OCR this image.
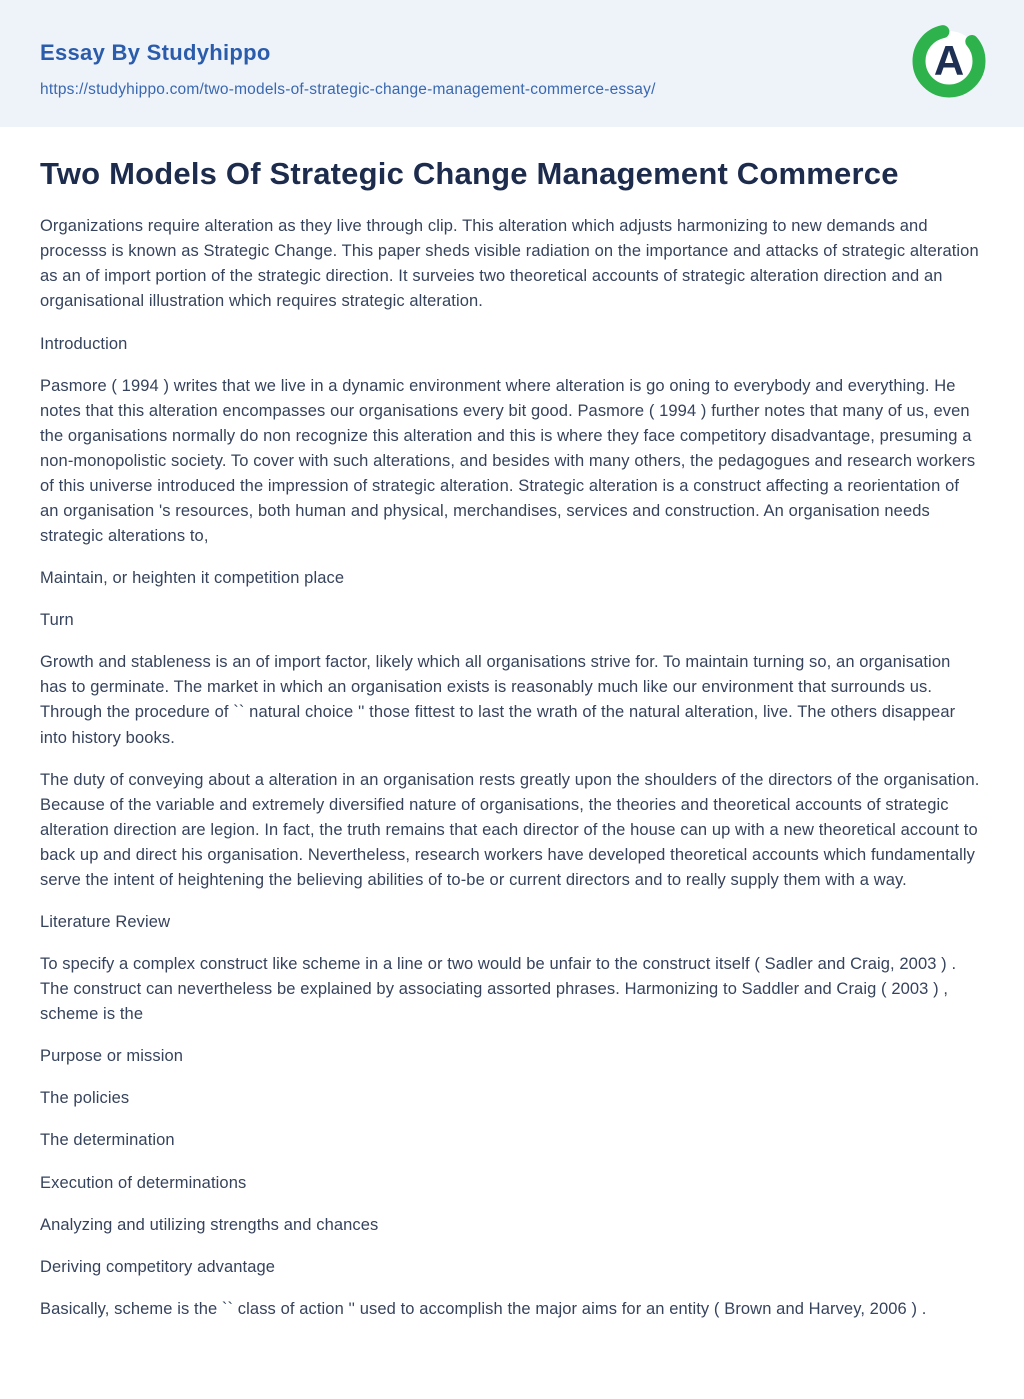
Essay By Studyhippo
https://studyhippo.com/two-models-of-strategic-change-management-commerce-essay/
A
Two Models Of Strategic Change Management Commerce

Organizations require alteration as they live through clip. This alteration which adjusts harmonizing to new demands and processs is known as Strategic Change. This paper sheds visible radiation on the importance and attacks of strategic alteration as an of import portion of the strategic direction. It surveies two theoretical accounts of strategic alteration direction and an organisational illustration which requires strategic alteration.

Introduction

Pasmore ( 1994 ) writes that we live in a dynamic environment where alteration is go oning to everybody and everything. He notes that this alteration encompasses our organisations every bit good. Pasmore ( 1994 ) further notes that many of us, even the organisations normally do non recognize this alteration and this is where they face competitory disadvantage, presuming a non-monopolistic society. To cover with such alterations, and besides with many others, the pedagogues and research workers of this universe introduced the impression of strategic alteration. Strategic alteration is a construct affecting a reorientation of an organisation 's resources, both human and physical, merchandises, services and construction. An organisation needs strategic alterations to,

Maintain, or heighten it competition place

Turn

Growth and stableness is an of import factor, likely which all organisations strive for. To maintain turning so, an organisation has to germinate. The market in which an organisation exists is reasonably much like our environment that surrounds us. Through the procedure of `` natural choice '' those fittest to last the wrath of the natural alteration, live. The others disappear into history books.

The duty of conveying about a alteration in an organisation rests greatly upon the shoulders of the directors of the organisation. Because of the variable and extremely diversified nature of organisations, the theories and theoretical accounts of strategic alteration direction are legion. In fact, the truth remains that each director of the house can up with a new theoretical account to back up and direct his organisation. Nevertheless, research workers have developed theoretical accounts which fundamentally serve the intent of heightening the believing abilities of to-be or current directors and to really supply them with a way.

Literature Review

To specify a complex construct like scheme in a line or two would be unfair to the construct itself ( Sadler and Craig, 2003 ) . The construct can nevertheless be explained by associating assorted phrases. Harmonizing to Saddler and Craig ( 2003 ) , scheme is the

Purpose or mission

The policies

The determination

Execution of determinations

Analyzing and utilizing strengths and chances

Deriving competitory advantage

Basically, scheme is the `` class of action '' used to accomplish the major aims for an entity ( Brown and Harvey, 2006 ) .
